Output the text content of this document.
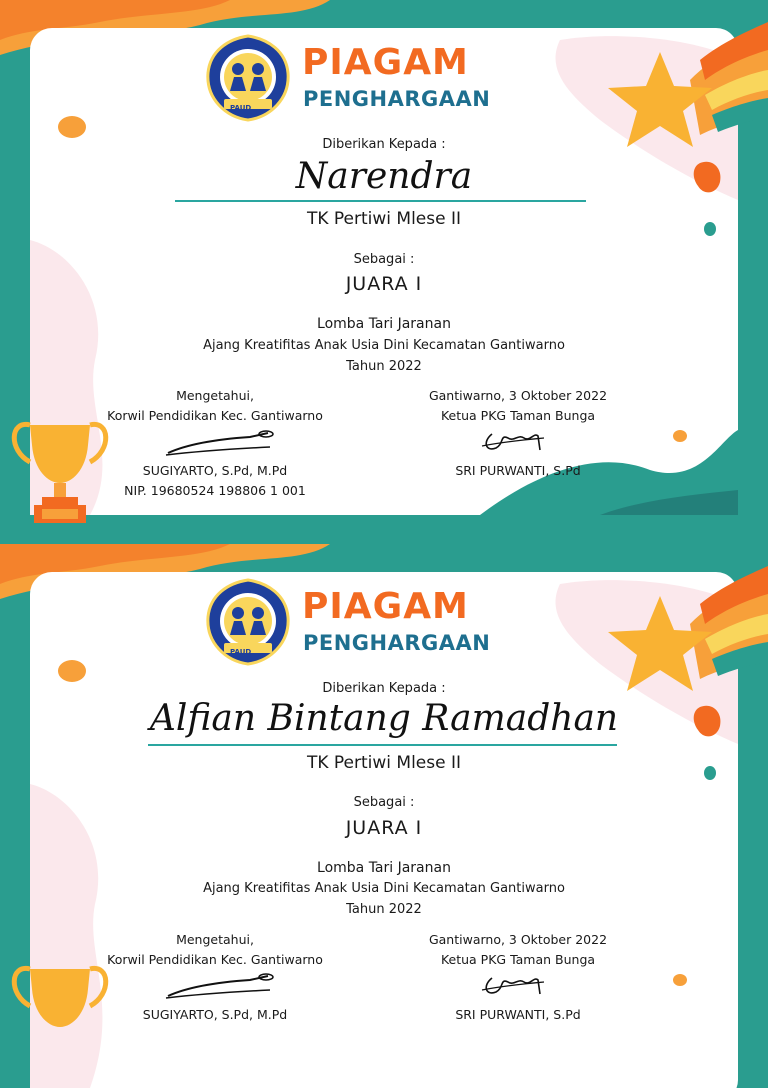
PAUD
PIAGAM
PENGHARGAAN
Diberikan Kepada :
Narendra
TK Pertiwi Mlese II
Sebagai :
JUARA I
Lomba Tari Jaranan
Ajang Kreatifitas Anak Usia Dini Kecamatan Gantiwarno
Tahun 2022
Mengetahui,
Korwil Pendidikan Kec. Gantiwarno
SUGIYARTO, S.Pd, M.Pd
NIP. 19680524 198806 1 001
Gantiwarno, 3 Oktober 2022
Ketua PKG Taman Bunga
SRI PURWANTI, S.Pd
PAUD
PIAGAM
PENGHARGAAN
Diberikan Kepada :
Alfian Bintang Ramadhan
TK Pertiwi Mlese II
Sebagai :
JUARA I
Lomba Tari Jaranan
Ajang Kreatifitas Anak Usia Dini Kecamatan Gantiwarno
Tahun 2022
Mengetahui,
Korwil Pendidikan Kec. Gantiwarno
SUGIYARTO, S.Pd, M.Pd
Gantiwarno, 3 Oktober 2022
Ketua PKG Taman Bunga
SRI PURWANTI, S.Pd
